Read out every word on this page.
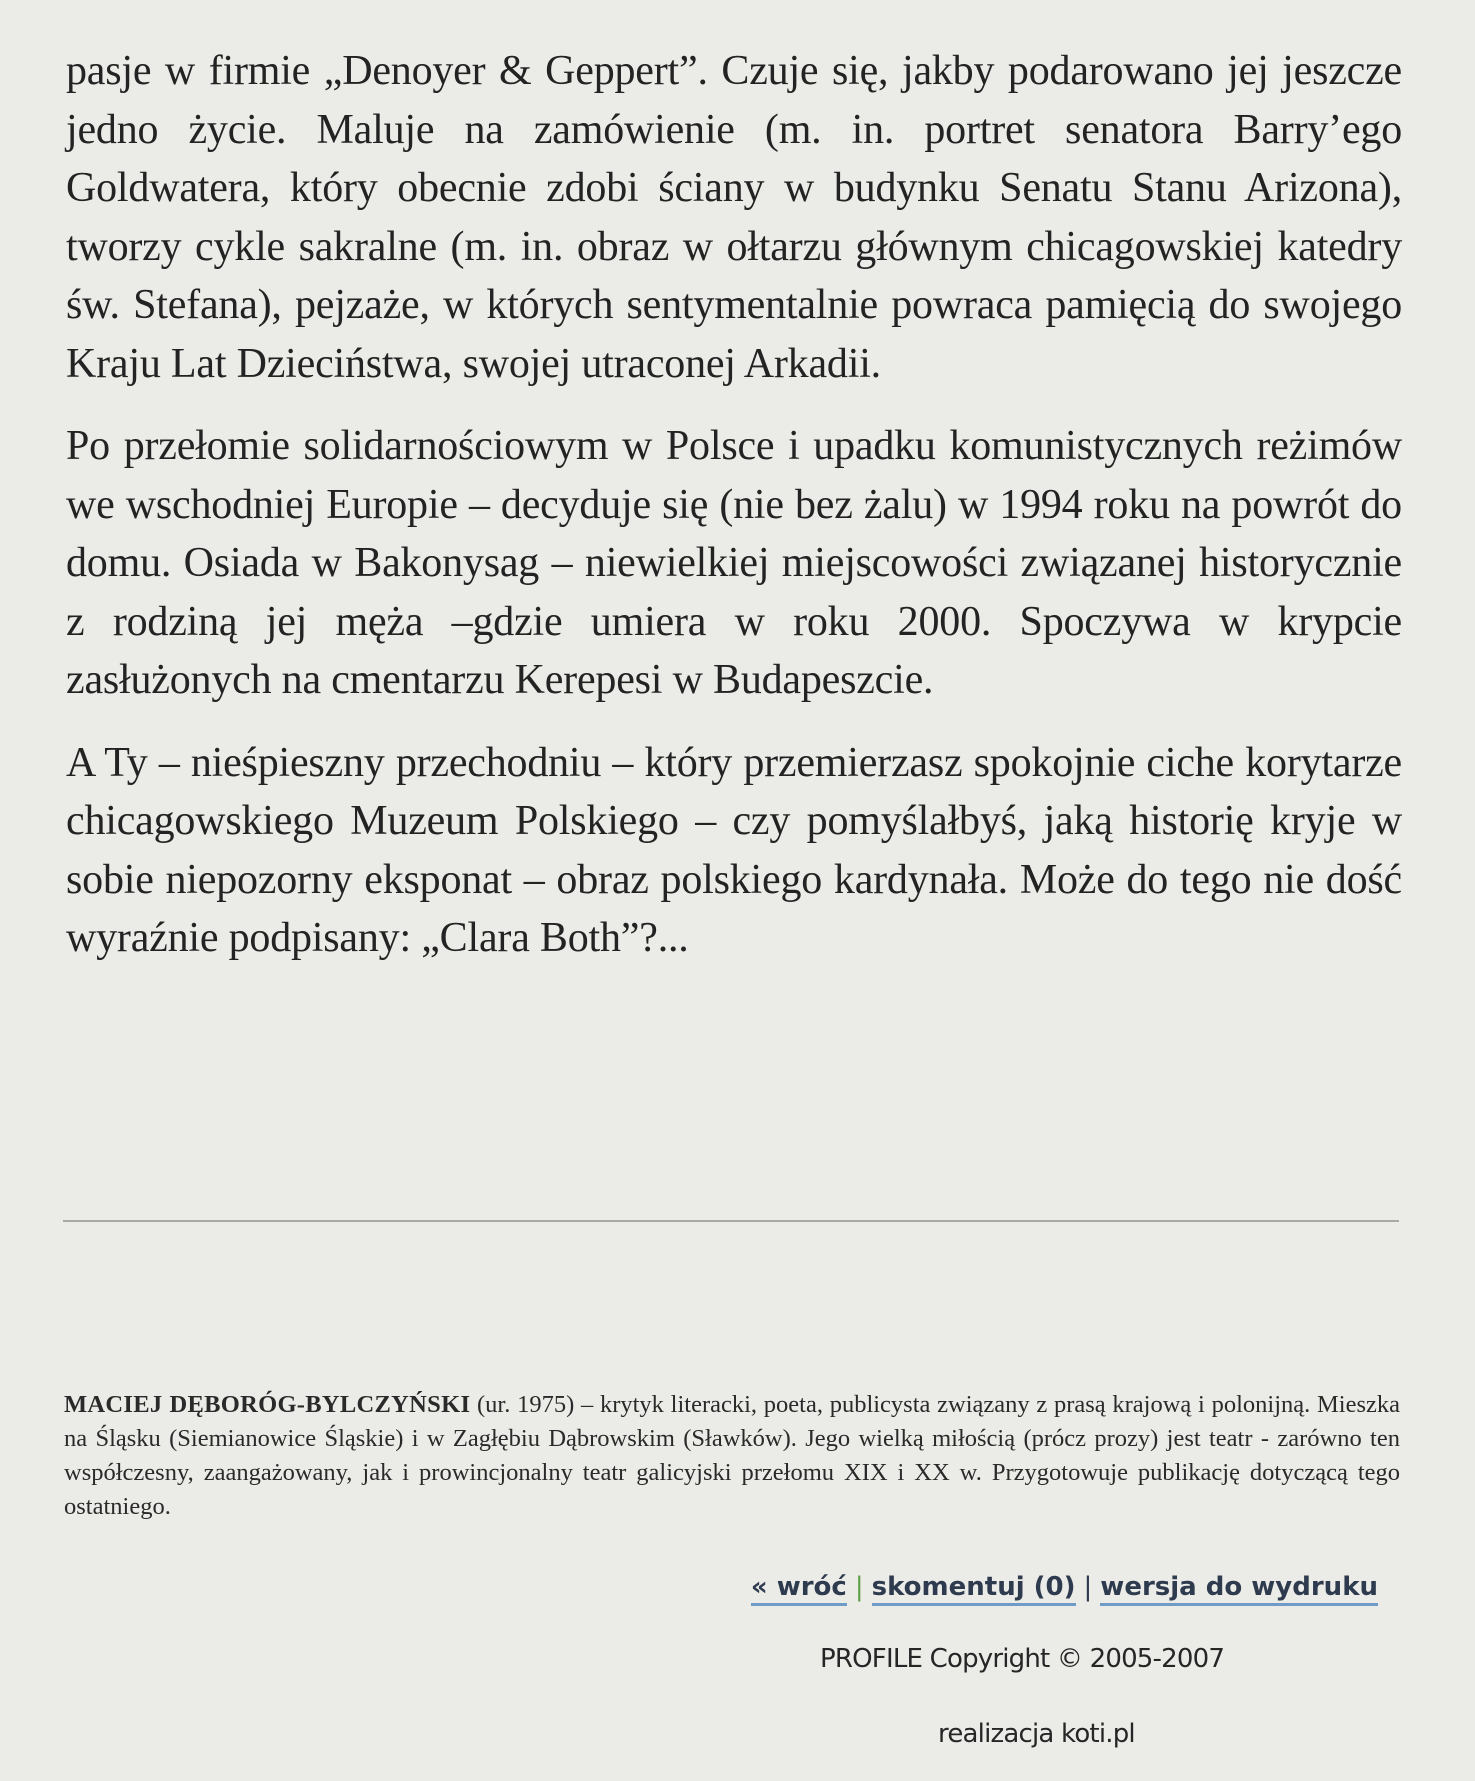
pasje w firmie „Denoyer & Geppert”. Czuje się, jakby podarowano jej jeszcze jedno życie. Maluje na zamówienie (m. in. portret senatora Barry’ego Goldwatera, który obecnie zdobi ściany w budynku Senatu Stanu Arizona), tworzy cykle sakralne (m. in. obraz w ołtarzu głównym chicagowskiej katedry św. Stefana), pejzaże, w których sentymentalnie powraca pamięcią do swojego Kraju Lat Dzieciństwa, swojej utraconej Arkadii.

Po przełomie solidarnościowym w Polsce i upadku komunistycznych reżimów we wschodniej Europie – decyduje się (nie bez żalu) w 1994 roku na powrót do domu. Osiada w Bakonysag – niewielkiej miejscowości związanej historycznie z rodziną jej męża –gdzie umiera w roku 2000. Spoczywa w krypcie zasłużonych na cmentarzu Kerepesi w Budapeszcie.

A Ty – nieśpieszny przechodniu – który przemierzasz spokojnie ciche korytarze chicagowskiego Muzeum Polskiego – czy pomyślałbyś, jaką historię kryje w sobie niepozorny eksponat – obraz polskiego kardynała. Może do tego nie dość wyraźnie podpisany: „Clara Both”?...

MACIEJ DĘBORÓG-BYLCZYŃSKI (ur. 1975) – krytyk literacki, poeta, publicysta związany z prasą krajową i polonijną. Mieszka na Śląsku (Siemianowice Śląskie) i w Zagłębiu Dąbrowskim (Sławków). Jego wielką miłością (prócz prozy) jest teatr - zarówno ten współczesny, zaangażowany, jak i prowincjonalny teatr galicyjski przełomu XIX i XX w. Przygotowuje publikację dotyczącą tego ostatniego.
« wróć | skomentuj (0) | wersja do wydruku
PROFILE Copyright © 2005-2007
realizacja koti.pl
